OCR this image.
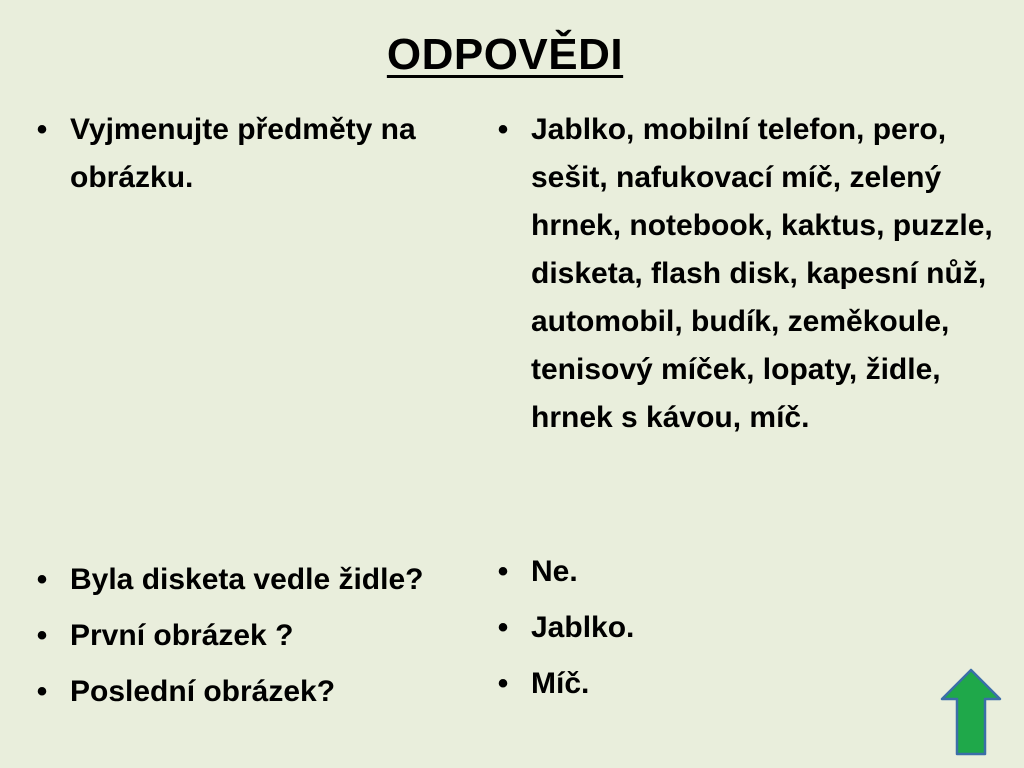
ODPOVĚDI
• Vyjmenujte předměty na obrázku.
• Byla disketa vedle židle?
• První obrázek ?
• Poslední obrázek?
• Jablko, mobilní telefon, pero, sešit, nafukovací míč, zelený hrnek, notebook, kaktus, puzzle, disketa, flash disk, kapesní nůž, automobil, budík, zeměkoule, tenisový míček, lopaty, židle, hrnek s kávou, míč.
• Ne.
• Jablko.
• Míč.
